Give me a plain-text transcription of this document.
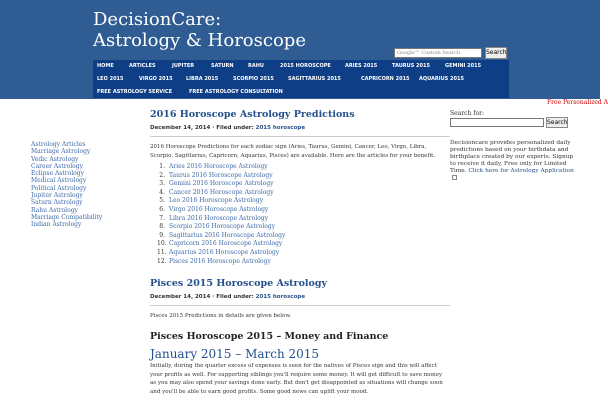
DecisionCare:
Astrology & Horoscope
Google™ Custom Search	Search
HOME	ARTICLES	JUPITER	SATURN	RAHU	2015 HOROSCOPE	ARIES 2015	TAURUS 2015	GEMINI 2015
LEO 2015	VIRGO 2015	LIBRA 2015	SCORPIO 2015	SAGITTARIUS 2015	CAPRICORN 2015 AQUARIUS 2015
FREE ASTROLOGY SERVICE	FREE ASTROLOGY CONSULTATION
Free Personalized A
Astrology Articles
Marriage Astrology
Vedic Astrology
Career Astrology
Eclipse Astrology
Medical Astrology
Political Astrology
Jupiter Astrology
Saturn Astrology
Rahu Astrology
Marriage Compatibility
Indian Astrology
2016 Horoscope Astrology Predictions
December 14, 2014 · Filed under: 2015 horoscope
2016 Horoscope Predictions for each zodiac sign (Aries, Taurus, Gemini, Cancer, Leo, Virgo, Libra, Scorpio, Sagittarius, Capricorn, Aquarius, Pisces) are available. Here are the articles for your benefit.
1. Aries 2016 Horoscope Astrology
2. Taurus 2016 Horoscope Astrology
3. Gemini 2016 Horoscope Astrology
4. Cancer 2016 Horoscope Astrology
5. Leo 2016 Horoscope Astrology
6. Virgo 2016 Horoscope Astrology
7. Libra 2016 Horoscope Astrology
8. Scorpio 2016 Horoscope Astrology
9. Sagittarius 2016 Horoscope Astrology
10. Capricorn 2016 Horoscope Astrology
11. Aquarius 2016 Horoscope Astrology
12. Pisces 2016 Horoscope Astrology
Pisces 2015 Horoscope Astrology
December 14, 2014 · Filed under: 2015 horoscope
Pisces 2015 Predictions in details are given below.
Pisces Horoscope 2015 – Money and Finance
January 2015 – March 2015
Initially, during the quarter excess of expenses is seen for the natives of Pisces sign and this will affect your profits as well. For supporting siblings you'll require some money. It will get difficult to save money as you may also spend your savings done early. But don't get disappointed as situations will change soon and you'll be able to earn good profits. Some good news can uplift your mood.
Search for:
Search
Decisioncare provides personalized daily predictions based on your birthdata and birthplace created by our experts. Signup to receive it daily, Free only for Limited Time. Click here for Astrology Application
